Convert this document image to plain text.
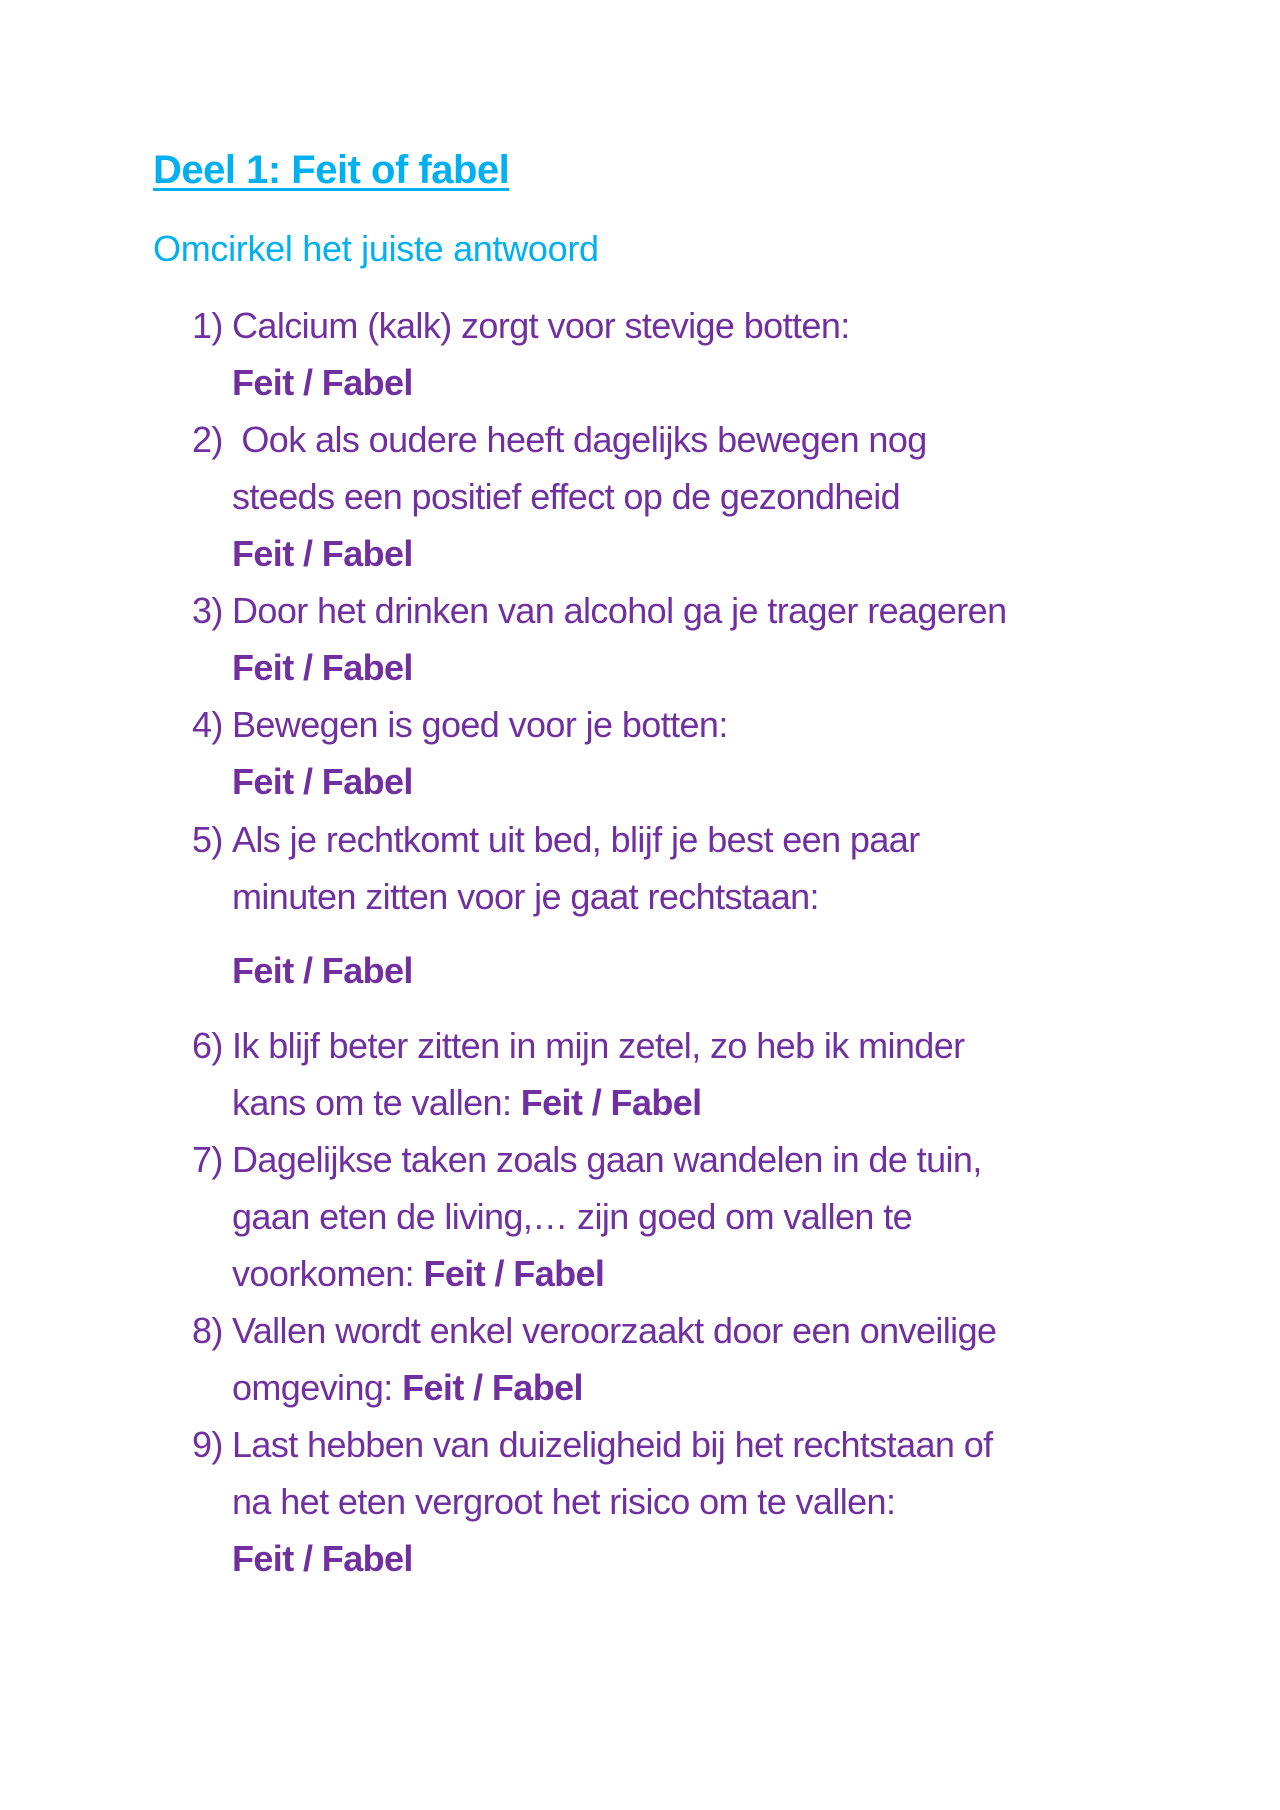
Deel 1: Feit of fabel
Omcirkel het juiste antwoord
1) Calcium (kalk) zorgt voor stevige botten:
Feit / Fabel
2) Ook als oudere heeft dagelijks bewegen nog
steeds een positief effect op de gezondheid
Feit / Fabel
3) Door het drinken van alcohol ga je trager reageren
Feit / Fabel
4) Bewegen is goed voor je botten:
Feit / Fabel
5) Als je rechtkomt uit bed, blijf je best een paar
minuten zitten voor je gaat rechtstaan:
Feit / Fabel
6) Ik blijf beter zitten in mijn zetel, zo heb ik minder
kans om te vallen: Feit / Fabel
7) Dagelijkse taken zoals gaan wandelen in de tuin,
gaan eten de living,… zijn goed om vallen te
voorkomen: Feit / Fabel
8) Vallen wordt enkel veroorzaakt door een onveilige
omgeving: Feit / Fabel
9) Last hebben van duizeligheid bij het rechtstaan of
na het eten vergroot het risico om te vallen:
Feit / Fabel
